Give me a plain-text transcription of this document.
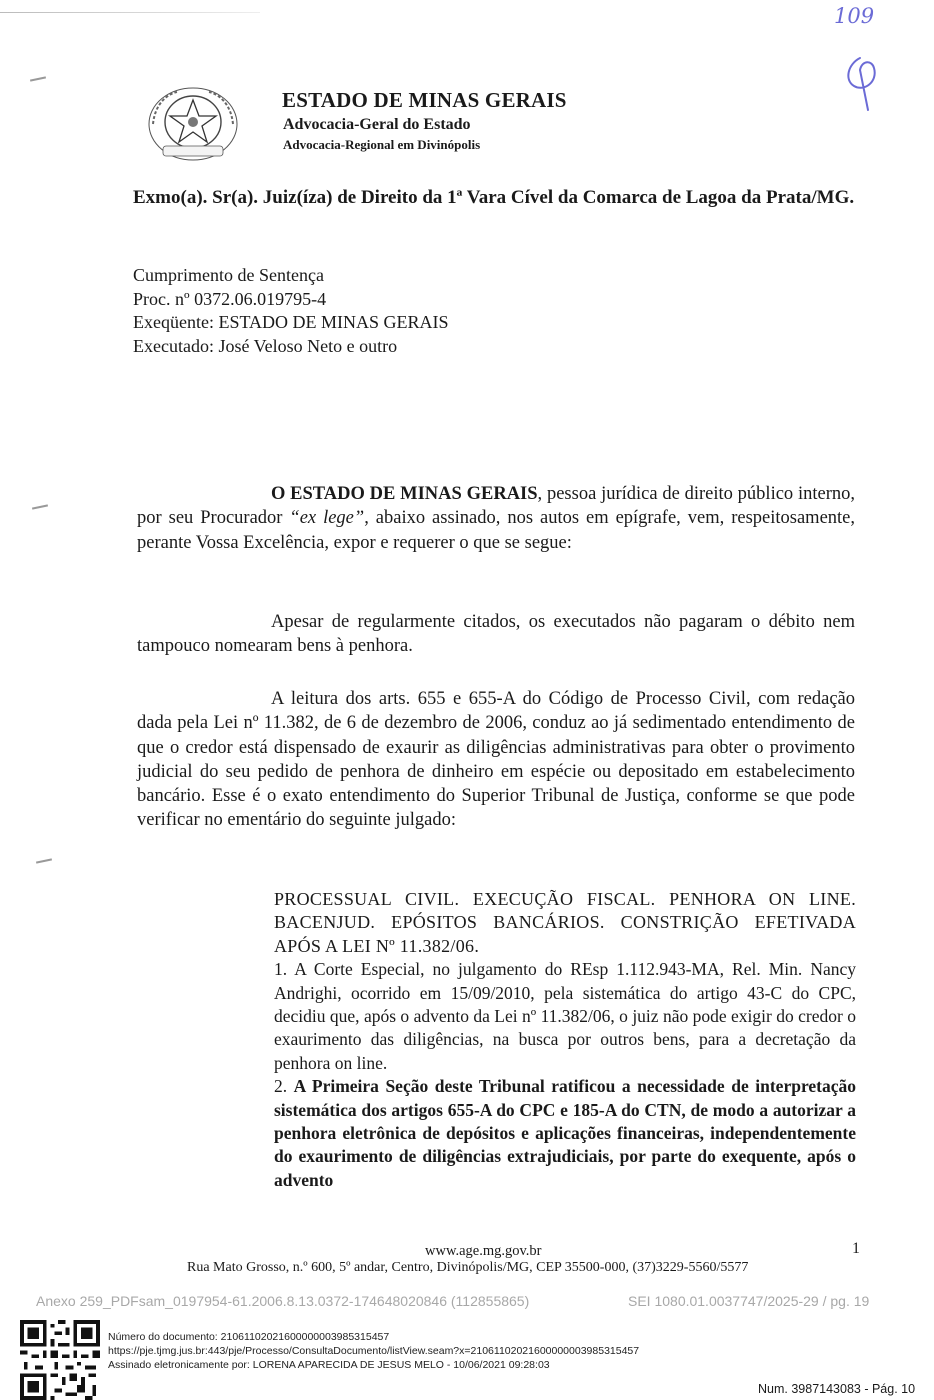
ESTADO DE MINAS GERAIS
Advocacia-Geral do Estado
Advocacia-Regional em Divinópolis
109
Exmo(a). Sr(a). Juiz(íza) de Direito da 1ª Vara Cível da Comarca de Lagoa da Prata/MG.
Cumprimento de Sentença
Proc. nº 0372.06.019795-4
Exeqüente: ESTADO DE MINAS GERAIS
Executado: José Veloso Neto e outro

O ESTADO DE MINAS GERAIS, pessoa jurídica de direito público interno, por seu Procurador “ex lege”, abaixo assinado, nos autos em epígrafe, vem, respeitosamente, perante Vossa Excelência, expor e requerer o que se segue:

Apesar de regularmente citados, os executados não pagaram o débito nem tampouco nomearam bens à penhora.

A leitura dos arts. 655 e 655-A do Código de Processo Civil, com redação dada pela Lei nº 11.382, de 6 de dezembro de 2006, conduz ao já sedimentado entendimento de que o credor está dispensado de exaurir as diligências administrativas para obter o provimento judicial do seu pedido de penhora de dinheiro em espécie ou depositado em estabelecimento bancário. Esse é o exato entendimento do Superior Tribunal de Justiça, conforme se que pode verificar no ementário do seguinte julgado:

PROCESSUAL CIVIL. EXECUÇÃO FISCAL. PENHORA ON LINE. BACENJUD. EPÓSITOS BANCÁRIOS. CONSTRIÇÃO EFETIVADA APÓS A LEI Nº 11.382/06.

1. A Corte Especial, no julgamento do REsp 1.112.943-MA, Rel. Min. Nancy Andrighi, ocorrido em 15/09/2010, pela sistemática do artigo 43-C do CPC, decidiu que, após o advento da Lei nº 11.382/06, o juiz não pode exigir do credor o exaurimento das diligências, na busca por outros bens, para a decretação da penhora on line.

2. A Primeira Seção deste Tribunal ratificou a necessidade de interpretação sistemática dos artigos 655-A do CPC e 185-A do CTN, de modo a autorizar a penhora eletrônica de depósitos e aplicações financeiras, independentemente do exaurimento de diligências extrajudiciais, por parte do exequente, após o advento

www.age.mg.gov.br	1
Rua Mato Grosso, n.º 600, 5º andar, Centro, Divinópolis/MG, CEP 35500-000, (37)3229-5560/5577
Anexo 259_PDFsam_0197954-61.2006.8.13.0372-174648020846 (112855865)	SEI 1080.01.0037747/2025-29 / pg. 19
Número do documento: 21061102021600000003985315457
https://pje.tjmg.jus.br:443/pje/Processo/ConsultaDocumento/listView.seam?x=21061102021600000003985315457
Assinado eletronicamente por: LORENA APARECIDA DE JESUS MELO - 10/06/2021 09:28:03
Num. 3987143083 - Pág. 10
